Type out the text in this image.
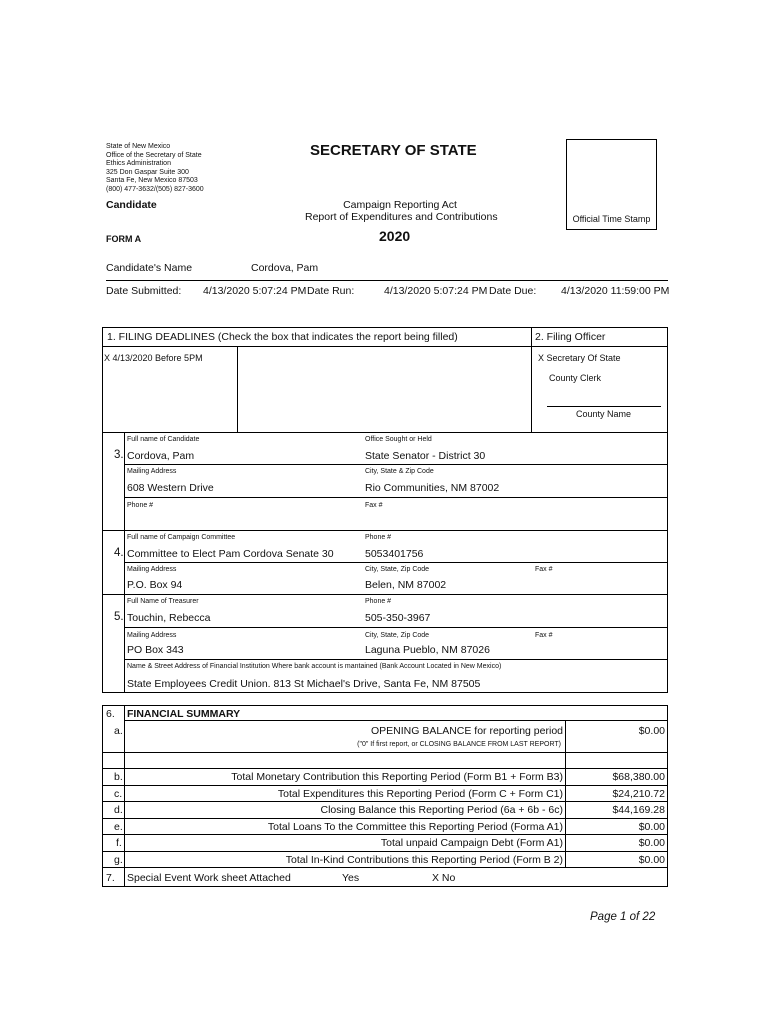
State of New Mexico
Office of the Secretary of State
Ethics Administration
325 Don Gaspar Suite 300
Santa Fe, New Mexico 87503
(800) 477-3632/(505) 827-3600
SECRETARY OF STATE
Candidate	Campaign Reporting Act
Report of Expenditures and Contributions
2020
FORM A
Official Time Stamp
Candidate's Name	Cordova, Pam
Date Submitted: 4/13/2020 5:07:24 PM Date Run:	4/13/2020 5:07:24 PM Date Due: 4/13/2020 11:59:00 PM
1. FILING DEADLINES (Check the box that indicates the report being filled)	2. Filing Officer
X 4/13/2020 Before 5PM	X Secretary Of State
County Clerk
County Name
Full name of Candidate	Office Sought or Held
3. Cordova, Pam	State Senator - District 30
Mailing Address	City, State & Zip Code
608 Western Drive	Rio Communities, NM 87002
Phone #	Fax #
Full name of Campaign Committee	Phone #
4. Committee to Elect Pam Cordova Senate 30	5053401756
Mailing Address	City, State, Zip Code	Fax #
P.O. Box 94	Belen, NM 87002
Full Name of Treasurer	Phone #
5. Touchin, Rebecca	505-350-3967
Mailing Address	City, State, Zip Code	Fax #
PO Box 343	Laguna Pueblo, NM 87026
Name & Street Address of Financial Institution Where bank account is mantained (Bank Account Located in New Mexico)
State Employees Credit Union. 813 St Michael's Drive, Santa Fe, NM 87505
6. FINANCIAL SUMMARY
a.	OPENING BALANCE for reporting period
("0" If first report, or CLOSING BALANCE FROM LAST REPORT)
$0.00
b.	Total Monetary Contribution this Reporting Period (Form B1 + Form B3)	$68,380.00
c.	Total Expenditures this Reporting Period (Form C + Form C1)	$24,210.72
d.	Closing Balance this Reporting Period (6a + 6b - 6c)	$44,169.28
e.	Total Loans To the Committee this Reporting Period (Forma A1)	$0.00
f.	Total unpaid Campaign Debt (Form A1)	$0.00
g.	Total In-Kind Contributions this Reporting Period (Form B 2)	$0.00
7. Special Event Work sheet Attached	Yes	X No
Page 1 of 22
